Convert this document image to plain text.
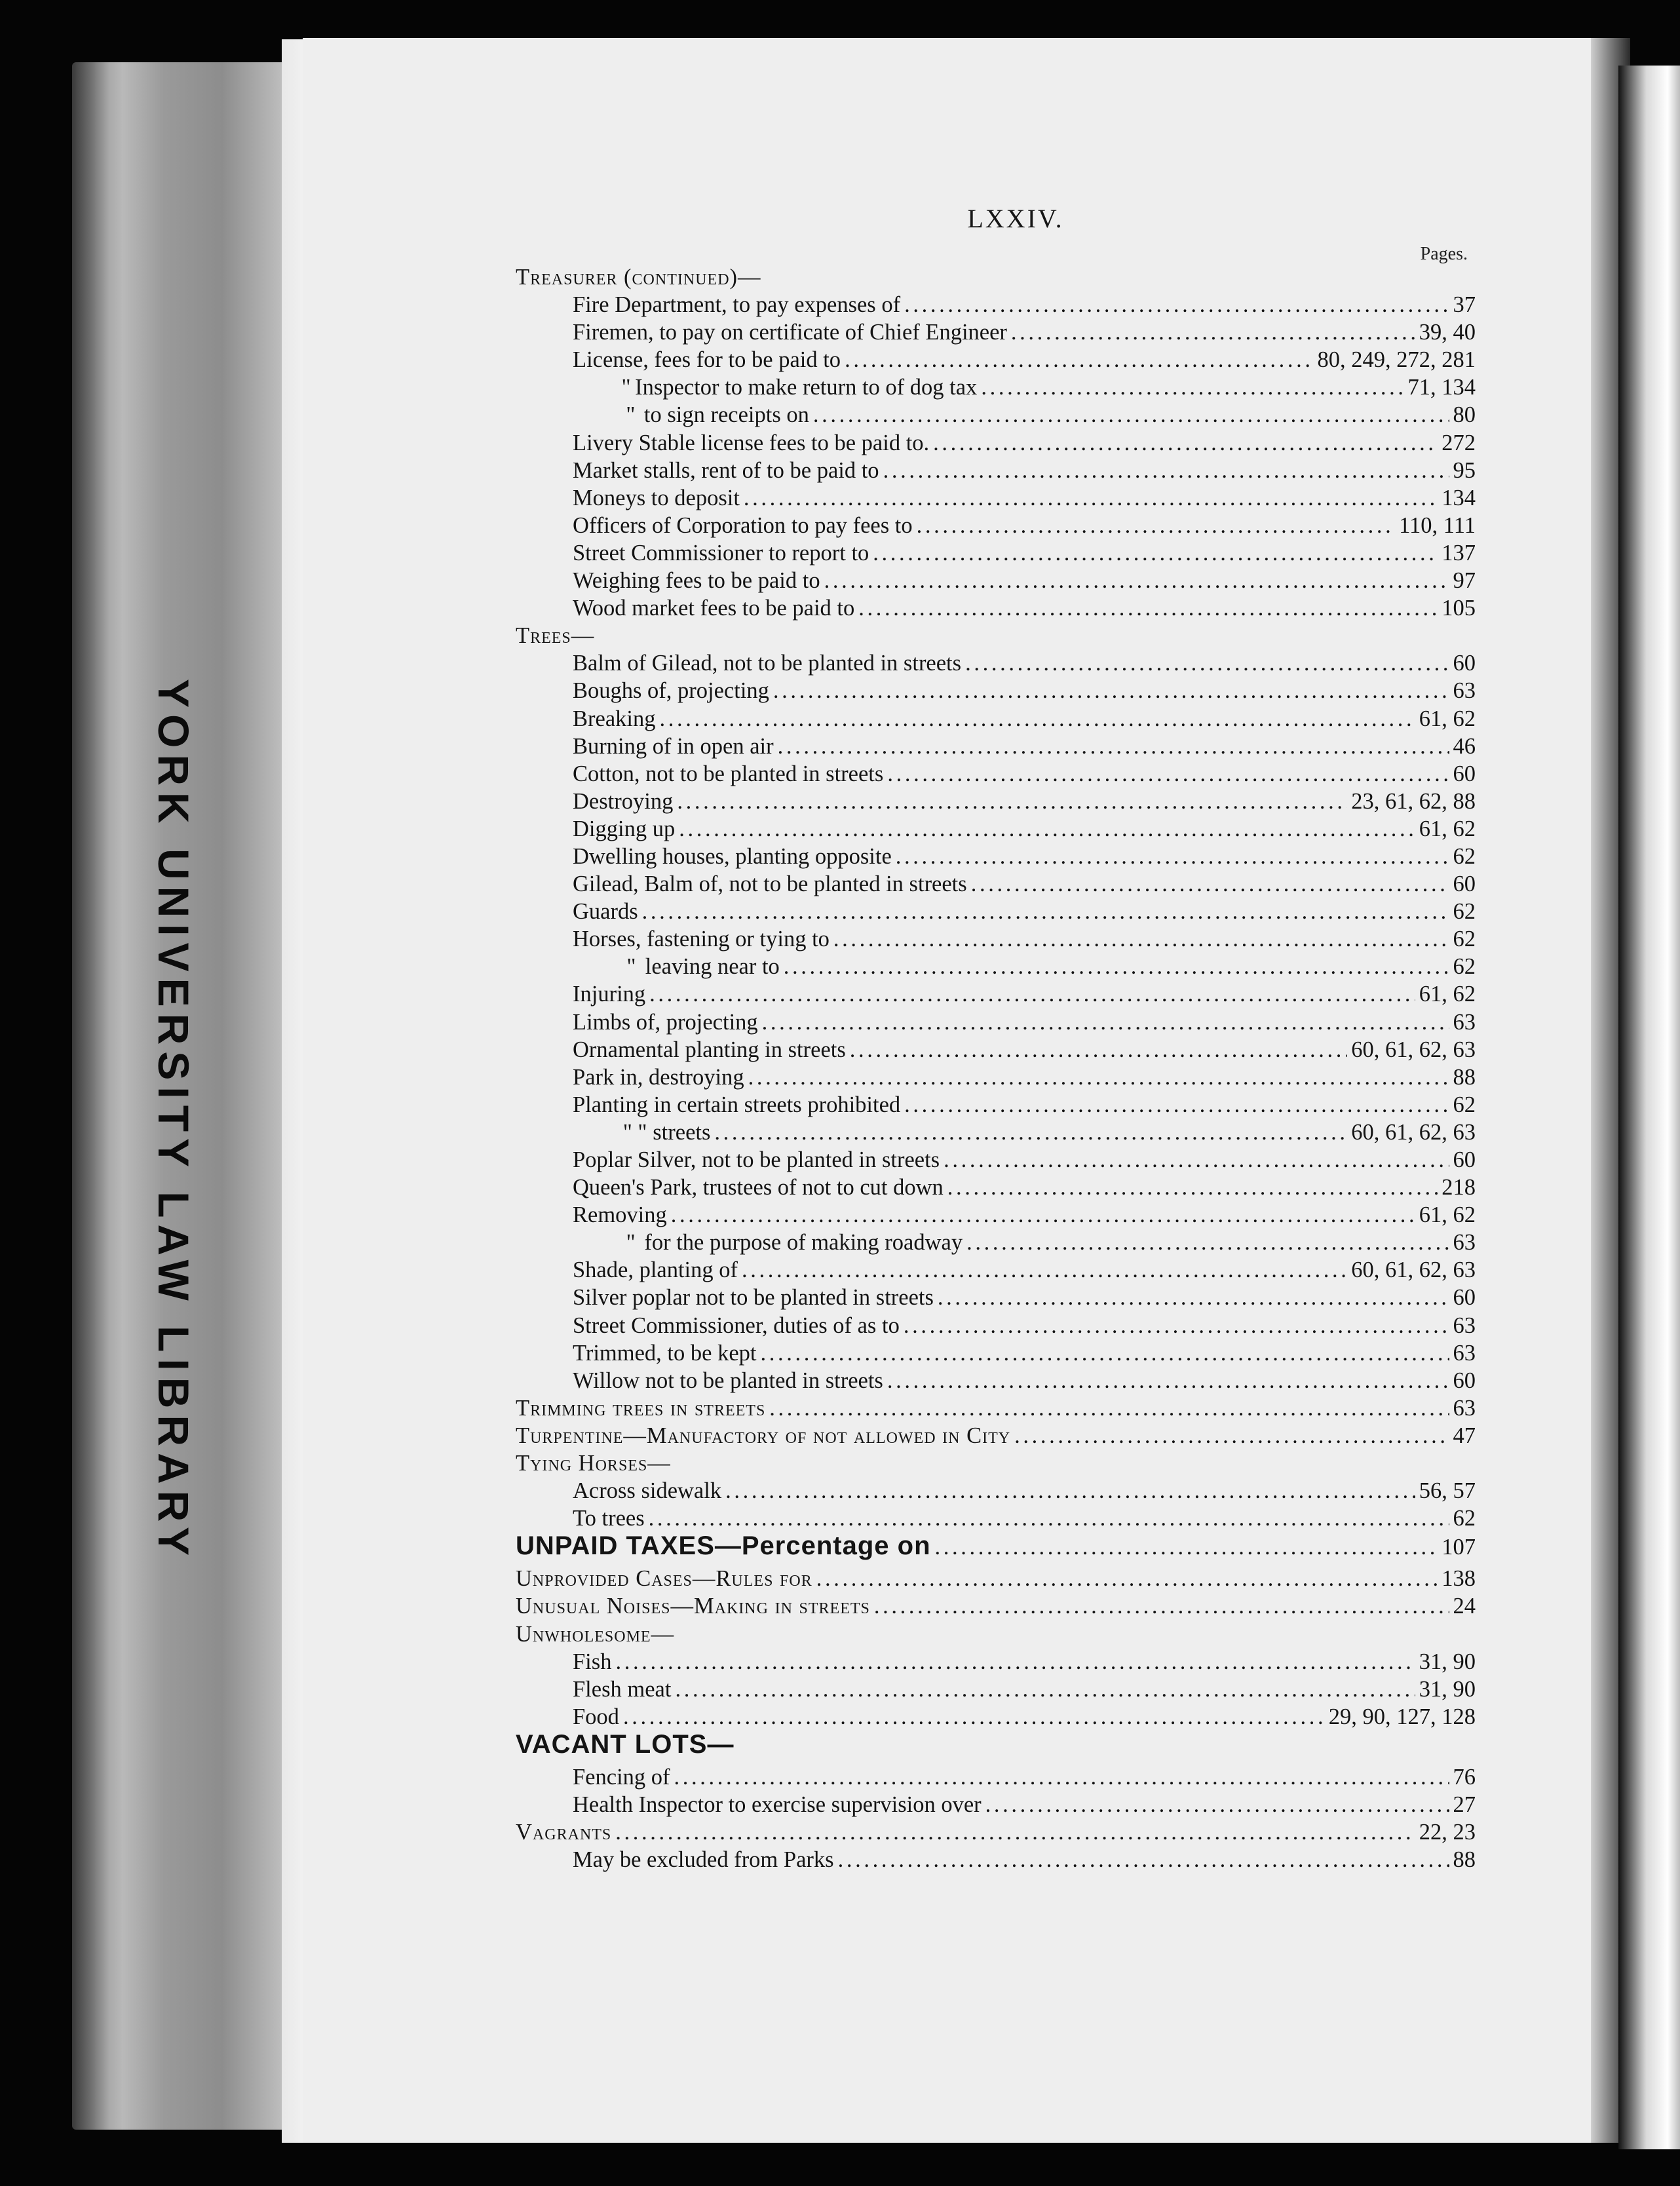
YORK UNIVERSITY LAW LIBRARY
LXXIV.
Pages.
Treasurer (continued)—
Fire Department, to pay expenses of . . .	37
Firemen, to pay on certificate of Chief Engineer . . .	39, 40
License, fees for to be paid to . . .	80, 249, 272, 281
" Inspector to make return to of dog tax . . .	71, 134
" to sign receipts on . . .	80
Livery Stable license fees to be paid to. . . .	272
Market stalls, rent of to be paid to . . .	95
Moneys to deposit . . .	134
Officers of Corporation to pay fees to . . .	110, 111
Street Commissioner to report to . . .	137
Weighing fees to be paid to . . .	97
Wood market fees to be paid to . . .	105
Trees—
Balm of Gilead, not to be planted in streets . . .	60
Boughs of, projecting . . .	63
Breaking . . .	61, 62
Burning of in open air . . .	46
Cotton, not to be planted in streets . . .	60
Destroying . . .	23, 61, 62, 88
Digging up . . .	61, 62
Dwelling houses, planting opposite . . .	62
Gilead, Balm of, not to be planted in streets . . .	60
Guards . . .	62
Horses, fastening or tying to . . .	62
" leaving near to . . .	62
Injuring . . .	61, 62
Limbs of, projecting . . .	63
Ornamental planting in streets . . .	60, 61, 62, 63
Park in, destroying . . .	88
Planting in certain streets prohibited . . .	62
" " streets . . .	60, 61, 62, 63
Poplar Silver, not to be planted in streets . . .	60
Queen's Park, trustees of not to cut down . . .	218
Removing . . .	61, 62
" for the purpose of making roadway . . .	63
Shade, planting of . . .	60, 61, 62, 63
Silver poplar not to be planted in streets . . .	60
Street Commissioner, duties of as to . . .	63
Trimmed, to be kept . . .	63
Willow not to be planted in streets . . .	60
Trimming trees in streets . . .	63
Turpentine—Manufactory of not allowed in City . . .	47
Tying Horses—
Across sidewalk . . .	56, 57
To trees . . .	62
UNPAID TAXES—Percentage on . . .	107
Unprovided Cases—Rules for . . .	138
Unusual Noises—Making in streets . . .	24
Unwholesome—
Fish . . .	31, 90
Flesh meat . . .	31, 90
Food . . .	29, 90, 127, 128
VACANT LOTS—
Fencing of . . .	76
Health Inspector to exercise supervision over . . .	27
Vagrants . . .	22, 23
May be excluded from Parks . . .	88
